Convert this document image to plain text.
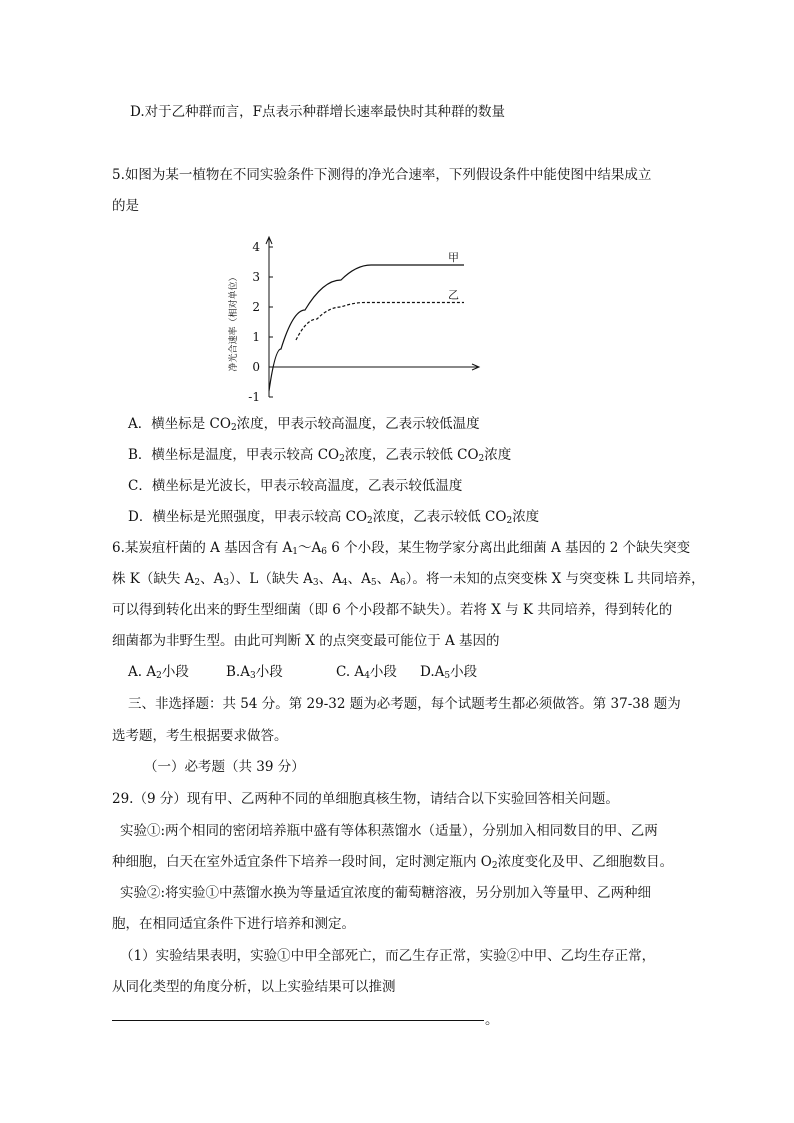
D.对于乙种群而言，F点表示种群增长速率最快时其种群的数量
5.如图为某一植物在不同实验条件下测得的净光合速率，下列假设条件中能使图中结果成立
的是
4
3
2
1
0
-1
净光合速率（相对单位）
甲
乙
A．横坐标是 $CO_2$浓度，甲表示较高温度，乙表示较低温度
B．横坐标是温度，甲表示较高 $CO_2$浓度，乙表示较低 $CO_2$浓度
C．横坐标是光波长，甲表示较高温度，乙表示较低温度
D．横坐标是光照强度，甲表示较高 $CO_2$浓度，乙表示较低 $CO_2$浓度
6.某炭疽杆菌的 A 基因含有 $A_1\sim A_6$ 6 个小段，某生物学家分离出此细菌 A 基因的 2 个缺失突变
株 K（缺失 $A_2$、$A_3$）、L（缺失 $A_3$、$A_4$、$A_5$、$A_6$）。将一未知的点突变株 X 与突变株 L 共同培养，
可以得到转化出来的野生型细菌（即 6 个小段都不缺失）。若将 X 与 K 共同培养，得到转化的
细菌都为非野生型。由此可判断 X 的点突变最可能位于 A 基因的
A. $A_2$小段	$B.A_3$小段	C. $A_4$小段 $D.A_5$小段
三、非选择题：共 54 分。第 29-32 题为必考题，每个试题考生都必须做答。第 37-38 题为
选考题，考生根据要求做答。
（一）必考题（共 39 分）
29.（9 分）现有甲、乙两种不同的单细胞真核生物，请结合以下实验回答相关问题。
实验①:两个相同的密闭培养瓶中盛有等体积蒸馏水（适量），分别加入相同数目的甲、乙两
种细胞，白天在室外适宜条件下培养一段时间，定时测定瓶内 $O_2$浓度变化及甲、乙细胞数目。
实验②:将实验①中蒸馏水换为等量适宜浓度的葡萄糖溶液，另分别加入等量甲、乙两种细
胞，在相同适宜条件下进行培养和测定。
（1）实验结果表明，实验①中甲全部死亡，而乙生存正常，实验②中甲、乙均生存正常，
从同化类型的角度分析，以上实验结果可以推测
。
